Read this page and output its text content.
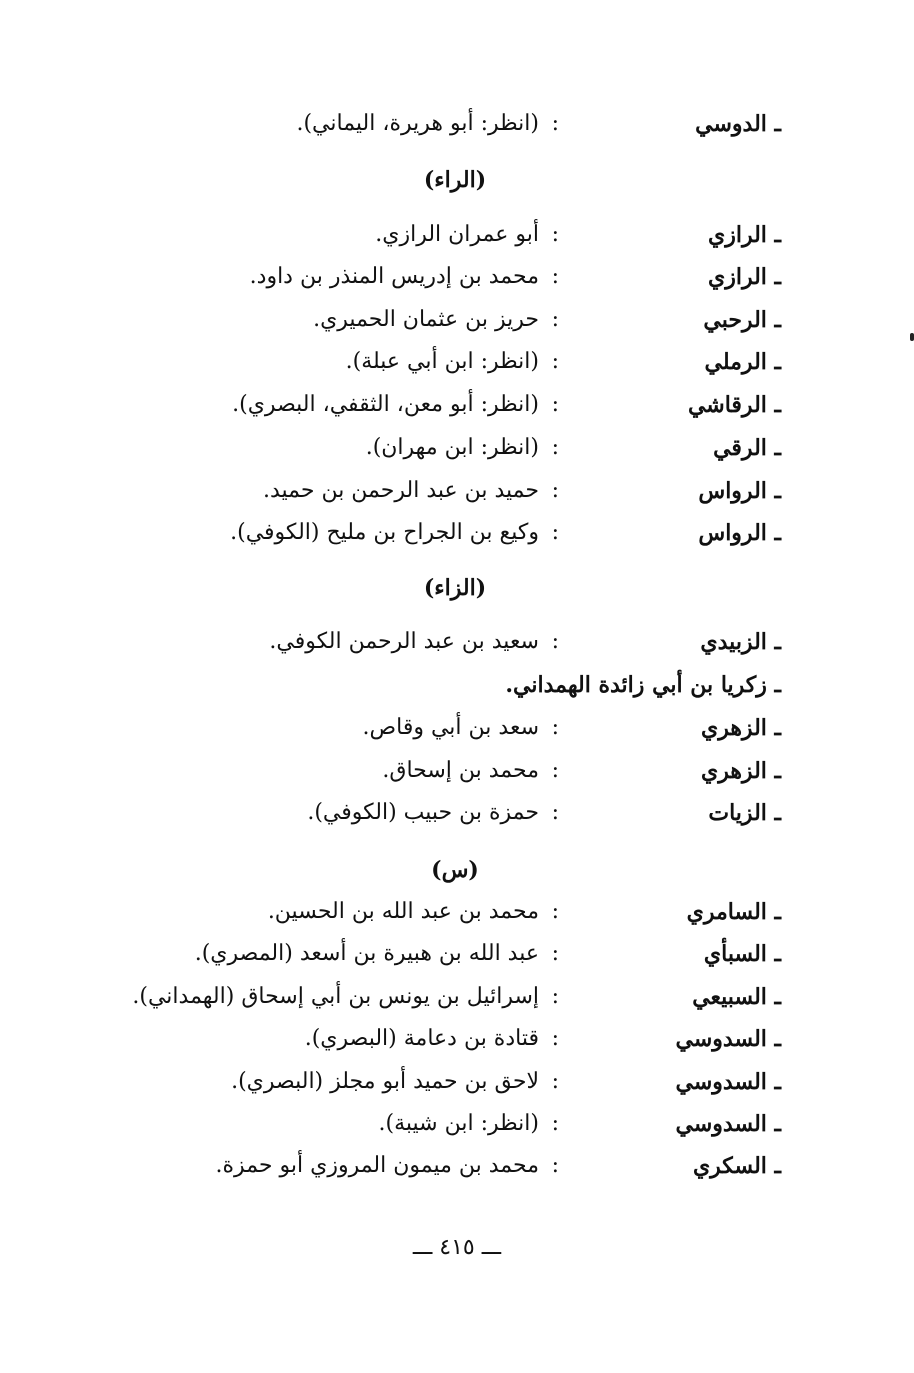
ـ الدوسي
:
(انظر: أبو هريرة، اليماني).
(الراء)
ـ الرازي
:
أبو عمران الرازي.
ـ الرازي
:
محمد بن إدريس المنذر بن داود.
ـ الرحبي
:
حريز بن عثمان الحميري.
ـ الرملي
:
(انظر: ابن أبي عبلة).
ـ الرقاشي
:
(انظر: أبو معن، الثقفي، البصري).
ـ الرقي
:
(انظر: ابن مهران).
ـ الرواس
:
حميد بن عبد الرحمن بن حميد.
ـ الرواس
:
وكيع بن الجراح بن مليح (الكوفي).
(الزاء)
ـ الزبيدي
:
سعيد بن عبد الرحمن الكوفي.
ـ زكريا بن أبي زائدة الهمداني.
ـ الزهري
:
سعد بن أبي وقاص.
ـ الزهري
:
محمد بن إسحاق.
ـ الزيات
:
حمزة بن حبيب (الكوفي).
(س)
ـ السامري
:
محمد بن عبد الله بن الحسين.
ـ السبأي
:
عبد الله بن هبيرة بن أسعد (المصري).
ـ السبيعي
:
إسرائيل بن يونس بن أبي إسحاق (الهمداني).
ـ السدوسي
:
قتادة بن دعامة (البصري).
ـ السدوسي
:
لاحق بن حميد أبو مجلز (البصري).
ـ السدوسي
:
(انظر: ابن شيبة).
ـ السكري
:
محمد بن ميمون المروزي أبو حمزة.
ـــ ٤١٥ ـــ
